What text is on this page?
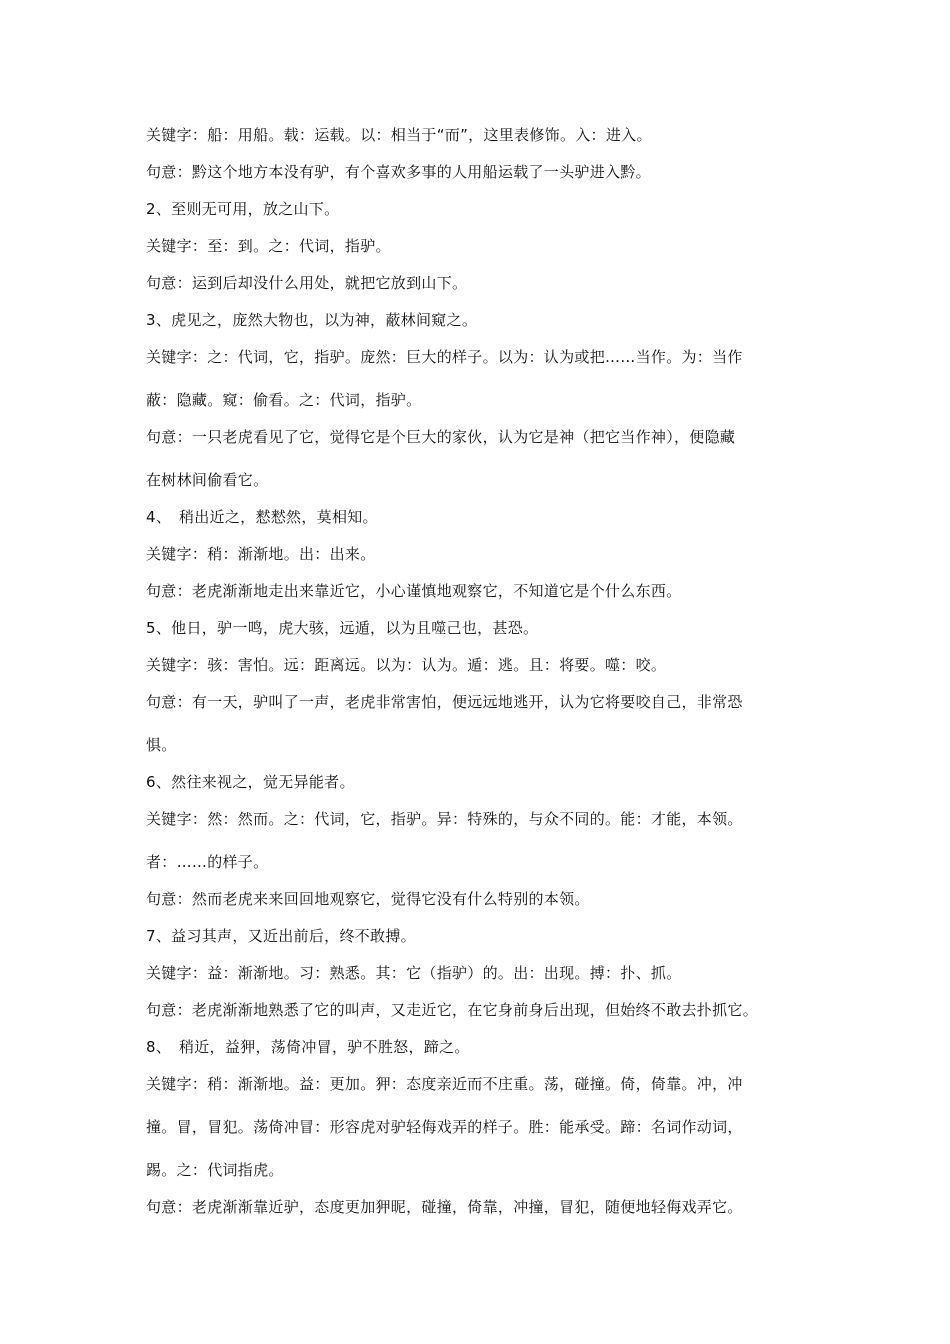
关键字：船：用船。载：运载。以：相当于“而”，这里表修饰。入：进入。

句意：黔这个地方本没有驴，有个喜欢多事的人用船运载了一头驴进入黔。

2、至则无可用，放之山下。

关键字：至：到。之：代词，指驴。

句意：运到后却没什么用处，就把它放到山下。

3、虎见之，庞然大物也，以为神，蔽林间窥之。

关键字：之：代词，它，指驴。庞然：巨大的样子。以为：认为或把……当作。为：当作

蔽：隐藏。窥：偷看。之：代词，指驴。

句意：一只老虎看见了它，觉得它是个巨大的家伙，认为它是神（把它当作神），便隐藏

在树林间偷看它。

4、　稍出近之，慭慭然，莫相知。

关键字：稍：渐渐地。出：出来。

句意：老虎渐渐地走出来靠近它，小心谨慎地观察它，不知道它是个什么东西。

5、他日，驴一鸣，虎大骇，远遁，以为且噬己也，甚恐。

关键字：骇：害怕。远：距离远。以为：认为。遁：逃。且：将要。噬：咬。

句意：有一天，驴叫了一声，老虎非常害怕，便远远地逃开，认为它将要咬自己，非常恐

惧。

6、然往来视之，觉无异能者。

关键字：然：然而。之：代词，它，指驴。异：特殊的，与众不同的。能：才能，本领。

者：……的样子。

句意：然而老虎来来回回地观察它，觉得它没有什么特别的本领。

7、益习其声，又近出前后，终不敢搏。

关键字：益：渐渐地。习：熟悉。其：它（指驴）的。出：出现。搏：扑、抓。

句意：老虎渐渐地熟悉了它的叫声，又走近它，在它身前身后出现，但始终不敢去扑抓它。

8、　稍近，益狎，荡倚冲冒，驴不胜怒，蹄之。

关键字：稍：渐渐地。益：更加。狎：态度亲近而不庄重。荡，碰撞。倚，倚靠。冲，冲

撞。冒，冒犯。荡倚冲冒：形容虎对驴轻侮戏弄的样子。胜：能承受。蹄：名词作动词，

踢。之：代词指虎。

句意：老虎渐渐靠近驴，态度更加狎昵，碰撞，倚靠，冲撞，冒犯，随便地轻侮戏弄它。
